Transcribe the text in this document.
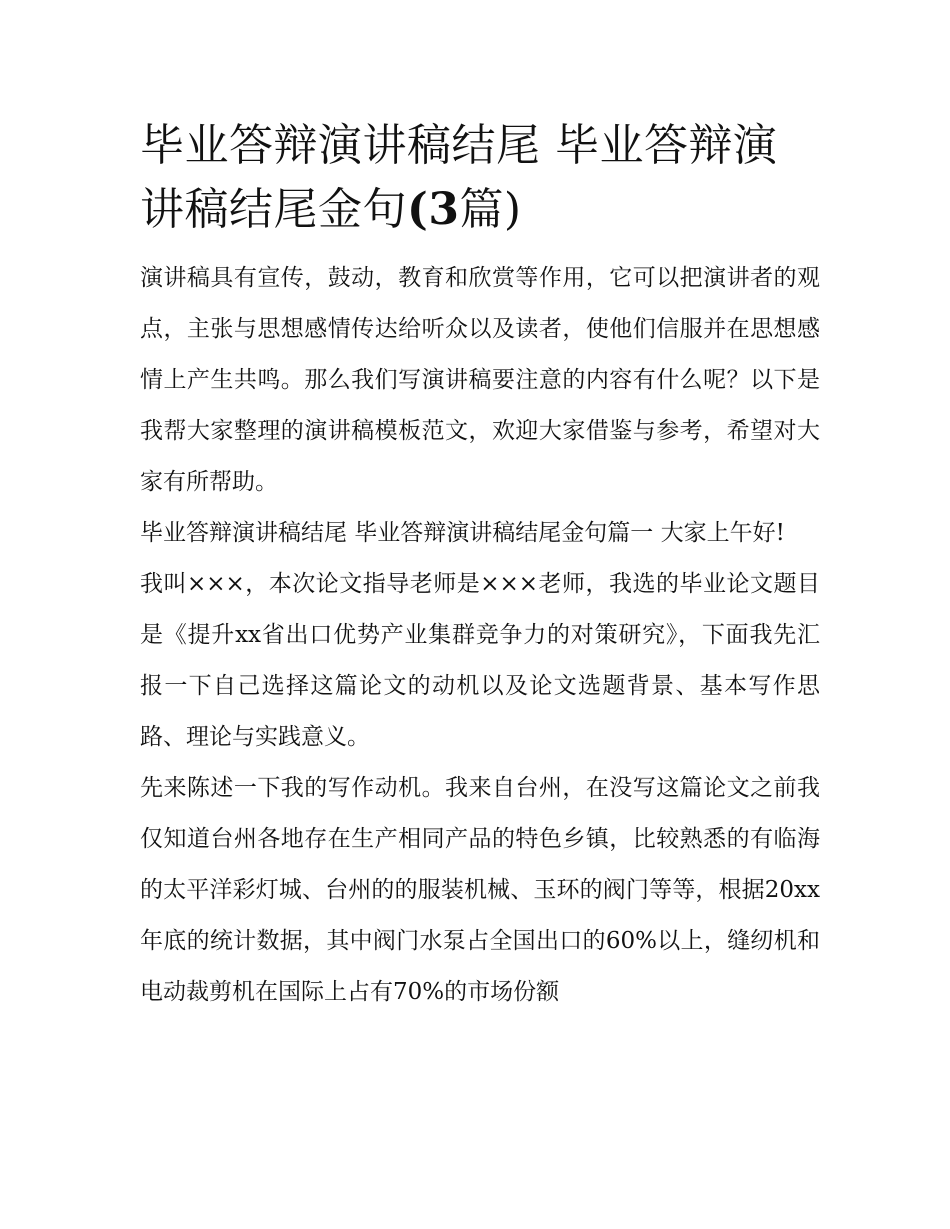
毕业答辩演讲稿结尾 毕业答辩演讲稿结尾金句(3篇)

演讲稿具有宣传，鼓动，教育和欣赏等作用，它可以把演讲者的观点，主张与思想感情传达给听众以及读者，使他们信服并在思想感情上产生共鸣。那么我们写演讲稿要注意的内容有什么呢？以下是我帮大家整理的演讲稿模板范文，欢迎大家借鉴与参考，希望对大家有所帮助。

毕业答辩演讲稿结尾 毕业答辩演讲稿结尾金句篇一 大家上午好!

我叫×××，本次论文指导老师是×××老师，我选的毕业论文题目是《提升xx省出口优势产业集群竞争力的对策研究》，下面我先汇报一下自己选择这篇论文的动机以及论文选题背景、基本写作思路、理论与实践意义。

先来陈述一下我的写作动机。我来自台州，在没写这篇论文之前我仅知道台州各地存在生产相同产品的特色乡镇，比较熟悉的有临海的太平洋彩灯城、台州的的服装机械、玉环的阀门等等，根据20xx年底的统计数据，其中阀门水泵占全国出口的60%以上，缝纫机和电动裁剪机在国际上占有70%的市场份额
